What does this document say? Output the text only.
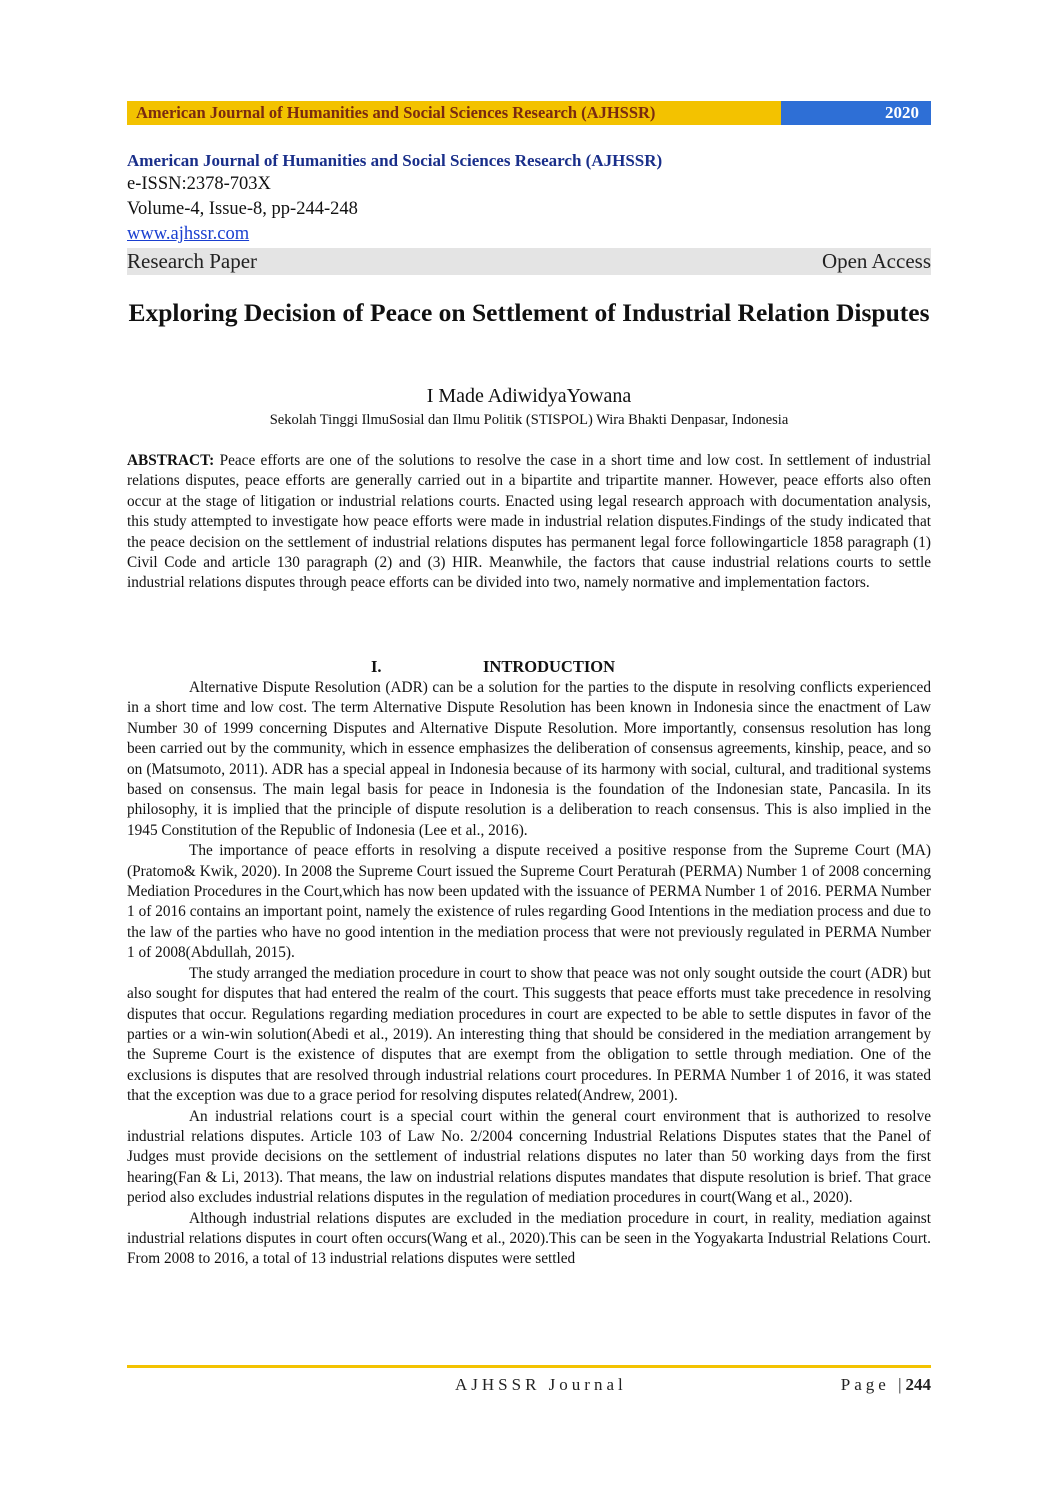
American Journal of Humanities and Social Sciences Research (AJHSSR)	2020
American Journal of Humanities and Social Sciences Research (AJHSSR)
e-ISSN:2378-703X
Volume-4, Issue-8, pp-244-248
www.ajhssr.com
Research Paper	Open Access
Exploring Decision of Peace on Settlement of Industrial Relation Disputes
I Made AdiwidyaYowana
Sekolah Tinggi IlmuSosial dan Ilmu Politik (STISPOL) Wira Bhakti Denpasar, Indonesia
ABSTRACT: Peace efforts are one of the solutions to resolve the case in a short time and low cost. In settlement of industrial relations disputes, peace efforts are generally carried out in a bipartite and tripartite manner. However, peace efforts also often occur at the stage of litigation or industrial relations courts. Enacted using legal research approach with documentation analysis, this study attempted to investigate how peace efforts were made in industrial relation disputes.Findings of the study indicated that the peace decision on the settlement of industrial relations disputes has permanent legal force followingarticle 1858 paragraph (1) Civil Code and article 130 paragraph (2) and (3) HIR. Meanwhile, the factors that cause industrial relations courts to settle industrial relations disputes through peace efforts can be divided into two, namely normative and implementation factors.
I.	INTRODUCTION

Alternative Dispute Resolution (ADR) can be a solution for the parties to the dispute in resolving conflicts experienced in a short time and low cost. The term Alternative Dispute Resolution has been known in Indonesia since the enactment of Law Number 30 of 1999 concerning Disputes and Alternative Dispute Resolution. More importantly, consensus resolution has long been carried out by the community, which in essence emphasizes the deliberation of consensus agreements, kinship, peace, and so on (Matsumoto, 2011). ADR has a special appeal in Indonesia because of its harmony with social, cultural, and traditional systems based on consensus. The main legal basis for peace in Indonesia is the foundation of the Indonesian state, Pancasila. In its philosophy, it is implied that the principle of dispute resolution is a deliberation to reach consensus. This is also implied in the 1945 Constitution of the Republic of Indonesia (Lee et al., 2016).

The importance of peace efforts in resolving a dispute received a positive response from the Supreme Court (MA)(Pratomo& Kwik, 2020). In 2008 the Supreme Court issued the Supreme Court Peraturah (PERMA) Number 1 of 2008 concerning Mediation Procedures in the Court,which has now been updated with the issuance of PERMA Number 1 of 2016. PERMA Number 1 of 2016 contains an important point, namely the existence of rules regarding Good Intentions in the mediation process and due to the law of the parties who have no good intention in the mediation process that were not previously regulated in PERMA Number 1 of 2008(Abdullah, 2015).

The study arranged the mediation procedure in court to show that peace was not only sought outside the court (ADR) but also sought for disputes that had entered the realm of the court. This suggests that peace efforts must take precedence in resolving disputes that occur. Regulations regarding mediation procedures in court are expected to be able to settle disputes in favor of the parties or a win-win solution(Abedi et al., 2019). An interesting thing that should be considered in the mediation arrangement by the Supreme Court is the existence of disputes that are exempt from the obligation to settle through mediation. One of the exclusions is disputes that are resolved through industrial relations court procedures. In PERMA Number 1 of 2016, it was stated that the exception was due to a grace period for resolving disputes related(Andrew, 2001).

An industrial relations court is a special court within the general court environment that is authorized to resolve industrial relations disputes. Article 103 of Law No. 2/2004 concerning Industrial Relations Disputes states that the Panel of Judges must provide decisions on the settlement of industrial relations disputes no later than 50 working days from the first hearing(Fan & Li, 2013). That means, the law on industrial relations disputes mandates that dispute resolution is brief. That grace period also excludes industrial relations disputes in the regulation of mediation procedures in court(Wang et al., 2020).

Although industrial relations disputes are excluded in the mediation procedure in court, in reality, mediation against industrial relations disputes in court often occurs(Wang et al., 2020).This can be seen in the Yogyakarta Industrial Relations Court. From 2008 to 2016, a total of 13 industrial relations disputes were settled

AJHSSR Journal	Page |244
